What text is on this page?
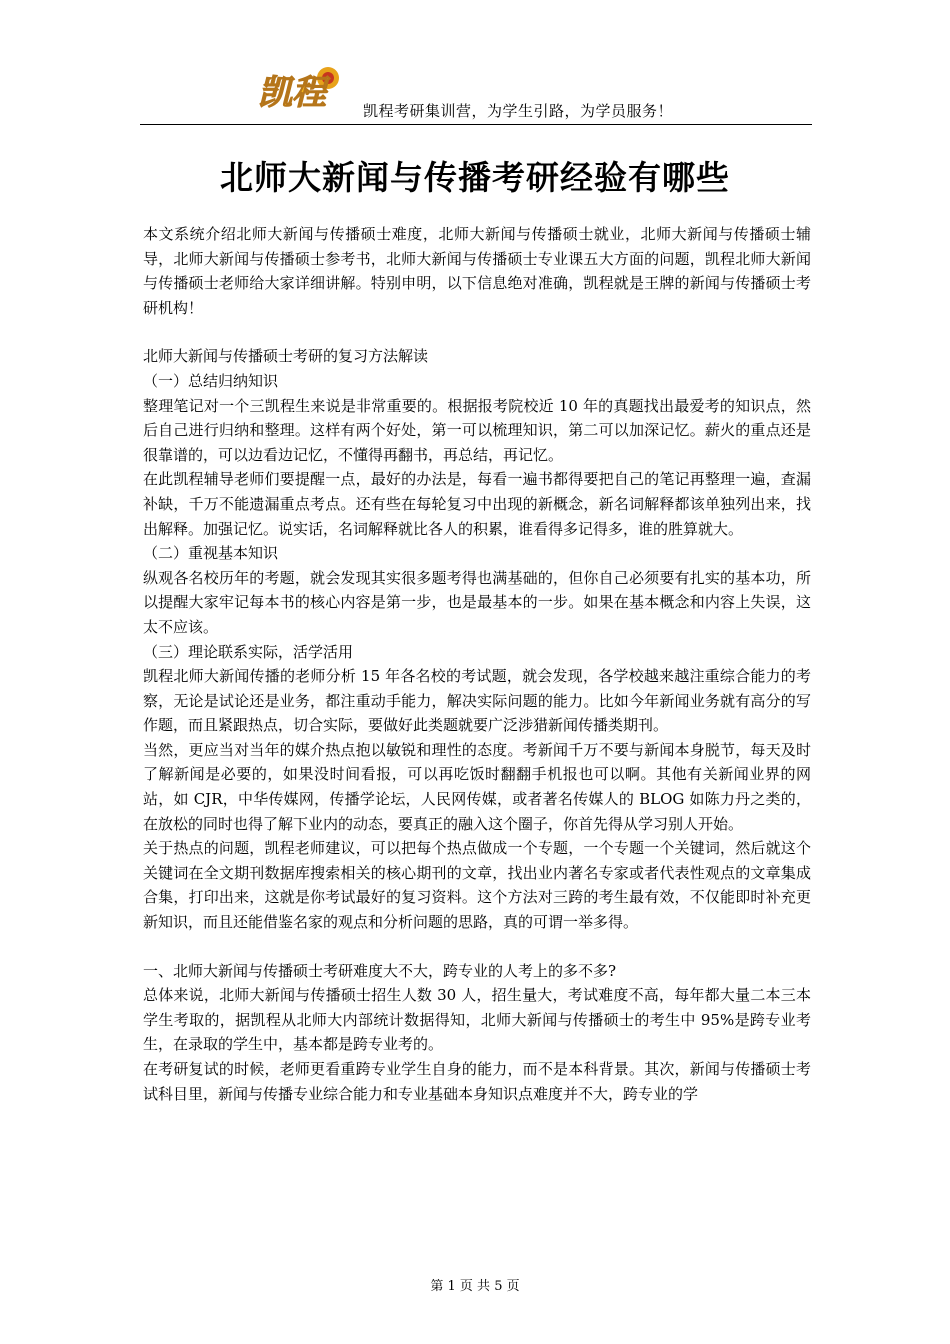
凯程	凯程考研集训营，为学生引路，为学员服务！
北师大新闻与传播考研经验有哪些

本文系统介绍北师大新闻与传播硕士难度，北师大新闻与传播硕士就业，北师大新闻与传播硕士辅导，北师大新闻与传播硕士参考书，北师大新闻与传播硕士专业课五大方面的问题，凯程北师大新闻与传播硕士老师给大家详细讲解。特别申明，以下信息绝对准确，凯程就是王牌的新闻与传播硕士考研机构！

北师大新闻与传播硕士考研的复习方法解读

（一）总结归纳知识

整理笔记对一个三凯程生来说是非常重要的。根据报考院校近 10 年的真题找出最爱考的知识点，然后自己进行归纳和整理。这样有两个好处，第一可以梳理知识，第二可以加深记忆。薪火的重点还是很靠谱的，可以边看边记忆，不懂得再翻书，再总结，再记忆。

在此凯程辅导老师们要提醒一点，最好的办法是，每看一遍书都得要把自己的笔记再整理一遍，查漏补缺，千万不能遗漏重点考点。还有些在每轮复习中出现的新概念，新名词解释都该单独列出来，找出解释。加强记忆。说实话，名词解释就比各人的积累，谁看得多记得多，谁的胜算就大。

（二）重视基本知识

纵观各名校历年的考题，就会发现其实很多题考得也满基础的，但你自己必须要有扎实的基本功，所以提醒大家牢记每本书的核心内容是第一步，也是最基本的一步。如果在基本概念和内容上失误，这太不应该。

（三）理论联系实际，活学活用

凯程北师大新闻传播的老师分析 15 年各名校的考试题，就会发现，各学校越来越注重综合能力的考察，无论是试论还是业务，都注重动手能力，解决实际问题的能力。比如今年新闻业务就有高分的写作题，而且紧跟热点，切合实际，要做好此类题就要广泛涉猎新闻传播类期刊。

当然，更应当对当年的媒介热点抱以敏锐和理性的态度。考新闻千万不要与新闻本身脱节，每天及时了解新闻是必要的，如果没时间看报，可以再吃饭时翻翻手机报也可以啊。其他有关新闻业界的网站，如 CJR，中华传媒网，传播学论坛，人民网传媒，或者著名传媒人的 BLOG 如陈力丹之类的，在放松的同时也得了解下业内的动态，要真正的融入这个圈子，你首先得从学习别人开始。

关于热点的问题，凯程老师建议，可以把每个热点做成一个专题，一个专题一个关键词，然后就这个关键词在全文期刊数据库搜索相关的核心期刊的文章，找出业内著名专家或者代表性观点的文章集成合集，打印出来，这就是你考试最好的复习资料。这个方法对三跨的考生最有效，不仅能即时补充更新知识，而且还能借鉴名家的观点和分析问题的思路，真的可谓一举多得。

一、北师大新闻与传播硕士考研难度大不大，跨专业的人考上的多不多?

总体来说，北师大新闻与传播硕士招生人数 30 人，招生量大，考试难度不高，每年都大量二本三本学生考取的，据凯程从北师大内部统计数据得知，北师大新闻与传播硕士的考生中 95%是跨专业考生，在录取的学生中，基本都是跨专业考的。

在考研复试的时候，老师更看重跨专业学生自身的能力，而不是本科背景。其次，新闻与传播硕士考试科目里，新闻与传播专业综合能力和专业基础本身知识点难度并不大，跨专业的学

第 1 页 共 5 页
